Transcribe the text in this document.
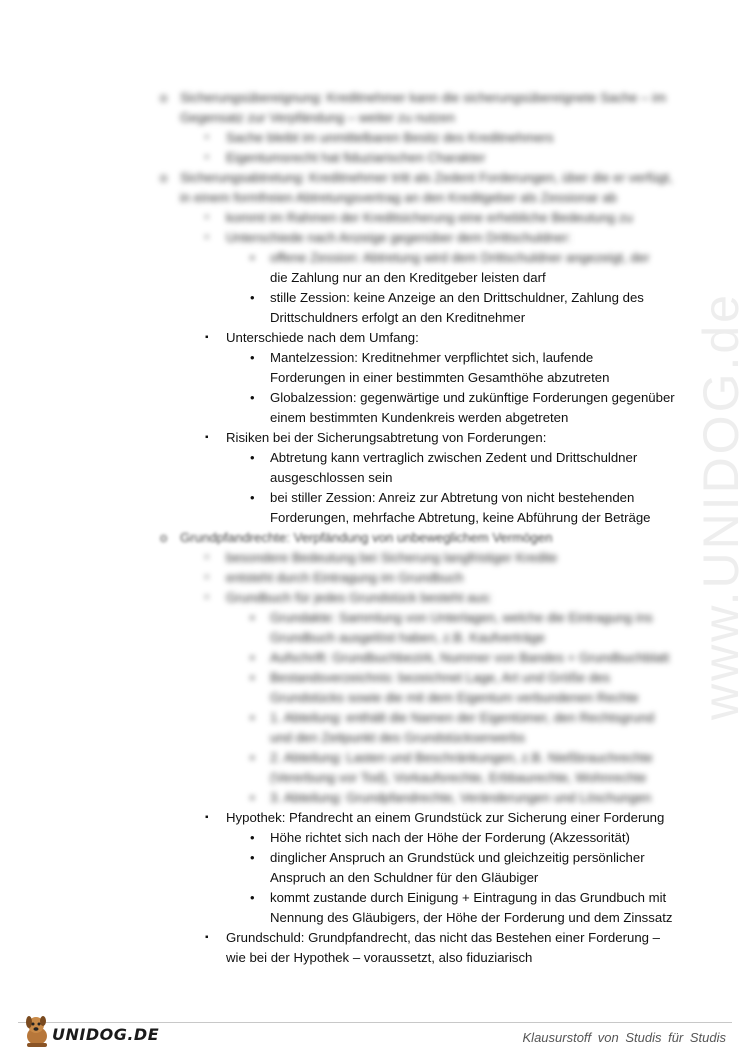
www.UNIDOG.de
o Sicherungsübereignung: Kreditnehmer kann die sicherungsübereignete Sache – im
Gegensatz zur Verpfändung – weiter zu nutzen
▪ Sache bleibt im unmittelbaren Besitz des Kreditnehmers
▪ Eigentumsrecht hat fiduziarischen Charakter
o Sicherungsabtretung: Kreditnehmer tritt als Zedent Forderungen, über die er verfügt,
in einem formfreien Abtretungsvertrag an den Kreditgeber als Zessionar ab
▪ kommt im Rahmen der Kreditsicherung eine erhebliche Bedeutung zu
▪ Unterschiede nach Anzeige gegenüber dem Drittschuldner:
• offene Zession: Abtretung wird dem Drittschuldner angezeigt, der
die Zahlung nur an den Kreditgeber leisten darf
• stille Zession: keine Anzeige an den Drittschuldner, Zahlung des
Drittschuldners erfolgt an den Kreditnehmer
▪ Unterschiede nach dem Umfang:
• Mantelzession: Kreditnehmer verpflichtet sich, laufende
Forderungen in einer bestimmten Gesamthöhe abzutreten
• Globalzession: gegenwärtige und zukünftige Forderungen gegenüber
einem bestimmten Kundenkreis werden abgetreten
▪ Risiken bei der Sicherungsabtretung von Forderungen:
• Abtretung kann vertraglich zwischen Zedent und Drittschuldner
ausgeschlossen sein
• bei stiller Zession: Anreiz zur Abtretung von nicht bestehenden
Forderungen, mehrfache Abtretung, keine Abführung der Beträge
o Grundpfandrechte: Verpfändung von unbeweglichem Vermögen
▪ besondere Bedeutung bei Sicherung langfristiger Kredite
▪ entsteht durch Eintragung im Grundbuch
▪ Grundbuch für jedes Grundstück besteht aus:
• Grundakte: Sammlung von Unterlagen, welche die Eintragung ins
Grundbuch ausgelöst haben, z.B. Kaufverträge
• Aufschrift: Grundbuchbezirk, Nummer von Bandes + Grundbuchblatt
• Bestandsverzeichnis: bezeichnet Lage, Art und Größe des
Grundstücks sowie die mit dem Eigentum verbundenen Rechte
• 1. Abteilung: enthält die Namen der Eigentümer, den Rechtsgrund
und den Zeitpunkt des Grundstückserwerbs
• 2. Abteilung: Lasten und Beschränkungen, z.B. Nießbrauchrechte
(Vererbung vor Tod), Vorkaufsrechte, Erbbaurechte, Wohnrechte
• 3. Abteilung: Grundpfandrechte, Veränderungen und Löschungen
▪ Hypothek: Pfandrecht an einem Grundstück zur Sicherung einer Forderung
• Höhe richtet sich nach der Höhe der Forderung (Akzessorität)
• dinglicher Anspruch an Grundstück und gleichzeitig persönlicher
Anspruch an den Schuldner für den Gläubiger
• kommt zustande durch Einigung + Eintragung in das Grundbuch mit
Nennung des Gläubigers, der Höhe der Forderung und dem Zinssatz
▪ Grundschuld: Grundpfandrecht, das nicht das Bestehen einer Forderung –
wie bei der Hypothek – voraussetzt, also fiduziarisch
UNIDOG.DE	Klausurstoff von Studis für Studis
